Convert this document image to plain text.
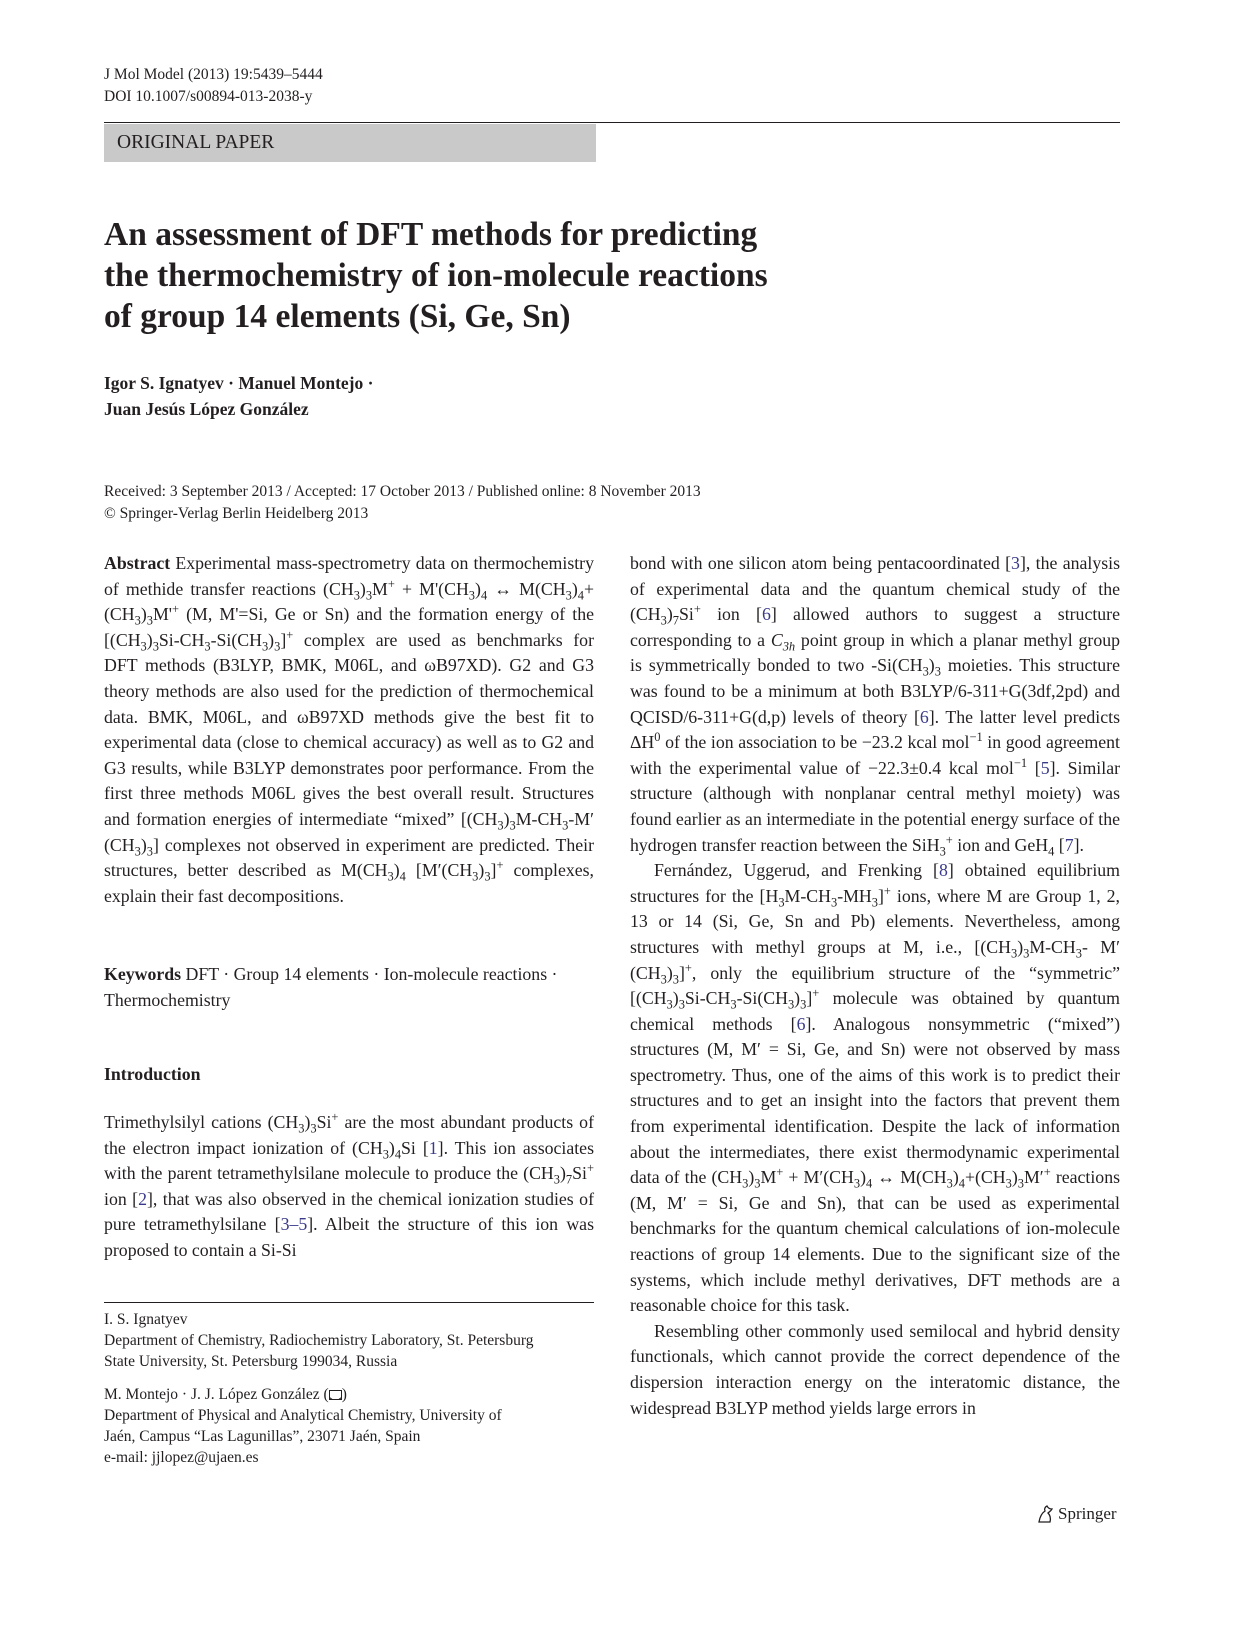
J Mol Model (2013) 19:5439–5444
DOI 10.1007/s00894-013-2038-y
ORIGINAL PAPER
An assessment of DFT methods for predicting
the thermochemistry of ion-molecule reactions
of group 14 elements (Si, Ge, Sn)
Igor S. Ignatyev · Manuel Montejo ·
Juan Jesús López González
Received: 3 September 2013 / Accepted: 17 October 2013 / Published online: 8 November 2013
© Springer-Verlag Berlin Heidelberg 2013

Abstract Experimental mass-spectrometry data on thermochemistry of methide transfer reactions $(CH_3)_3M^+ + M'(CH_3)_4$ ↔ $M(CH_3)_4+(CH_3)_3M'^+$ (M, M'=Si, Ge or Sn) and the formation energy of the $[(CH_3)_3Si-CH_3-Si(CH_3)_3]^+$ complex are used as benchmarks for DFT methods (B3LYP, BMK, M06L, and ωB97XD). G2 and G3 theory methods are also used for the prediction of thermochemical data. BMK, M06L, and ωB97XD methods give the best fit to experimental data (close to chemical accuracy) as well as to G2 and G3 results, while B3LYP demonstrates poor performance. From the first three methods M06L gives the best overall result. Structures and formation energies of intermediate “mixed” $[(CH_3)_3M-CH_3-M'(CH_3)_3]$ complexes not observed in experiment are predicted. Their structures, better described as $M(CH_3)_4$ $[M'(CH_3)_3]^+$ complexes, explain their fast decompositions.

Keywords DFT · Group 14 elements · Ion-molecule reactions · Thermochemistry

Introduction

Trimethylsilyl cations $(CH_3)_3Si^+$ are the most abundant products of the electron impact ionization of $(CH_3)_4Si$ [1]. This ion associates with the parent tetramethylsilane molecule to produce the $(CH_3)_7Si^+$ ion [2], that was also observed in the chemical ionization studies of pure tetramethylsilane [3–5]. Albeit the structure of this ion was proposed to contain a Si-Si

I. S. Ignatyev
Department of Chemistry, Radiochemistry Laboratory, St. Petersburg
State University, St. Petersburg 199034, Russia
M. Montejo · J. J. López González ( )
Department of Physical and Analytical Chemistry, University of
Jaén, Campus “Las Lagunillas”, 23071 Jaén, Spain
e-mail: jjlopez@ujaen.es

bond with one silicon atom being pentacoordinated [3], the analysis of experimental data and the quantum chemical study of the $(CH_3)_7Si^+$ ion [6] allowed authors to suggest a structure corresponding to a $C_{3h}$ point group in which a planar methyl group is symmetrically bonded to two $-Si(CH_3)_3$ moieties. This structure was found to be a minimum at both B3LYP/6-311+G(3df,2pd) and QCISD/6-311+G(d,p) levels of theory [6]. The latter level predicts $\Delta H^0$ of the ion association to be −23.2 kcal mol$^{-1}$ in good agreement with the experimental value of −22.3±0.4 kcal mol$^{-1}$ [5]. Similar structure (although with nonplanar central methyl moiety) was found earlier as an intermediate in the potential energy surface of the hydrogen transfer reaction between the SiH$_3$+ ion and GeH$_4$ [7].

Fernández, Uggerud, and Frenking [8] obtained equilibrium structures for the $[H_3M-CH_3-MH_3]^+$ ions, where M are Group 1, 2, 13 or 14 (Si, Ge, Sn and Pb) elements. Nevertheless, among structures with methyl groups at M, i.e., [$(CH_3)_3M-CH_3-$ $M'(CH_3)_3]^+$, only the equilibrium structure of the “symmetric” $[(CH_3)_3Si-CH_3-Si(CH_3)_3]^+$ molecule was obtained by quantum chemical methods [6]. Analogous nonsymmetric (“mixed”) structures (M, M′ = Si, Ge, and Sn) were not observed by mass spectrometry. Thus, one of the aims of this work is to predict their structures and to get an insight into the factors that prevent them from experimental identification. Despite the lack of information about the intermediates, there exist thermodynamic experimental data of the $(CH_3)_3M^+ + M'(CH_3)_4$ ↔ $M(CH_3)_4+(CH_3)_3M'^+$ reactions (M, M′ = Si, Ge and Sn), that can be used as experimental benchmarks for the quantum chemical calculations of ion-molecule reactions of group 14 elements. Due to the significant size of the systems, which include methyl derivatives, DFT methods are a reasonable choice for this task.

Resembling other commonly used semilocal and hybrid density functionals, which cannot provide the correct dependence of the dispersion interaction energy on the interatomic distance, the widespread B3LYP method yields large errors in

Springer
